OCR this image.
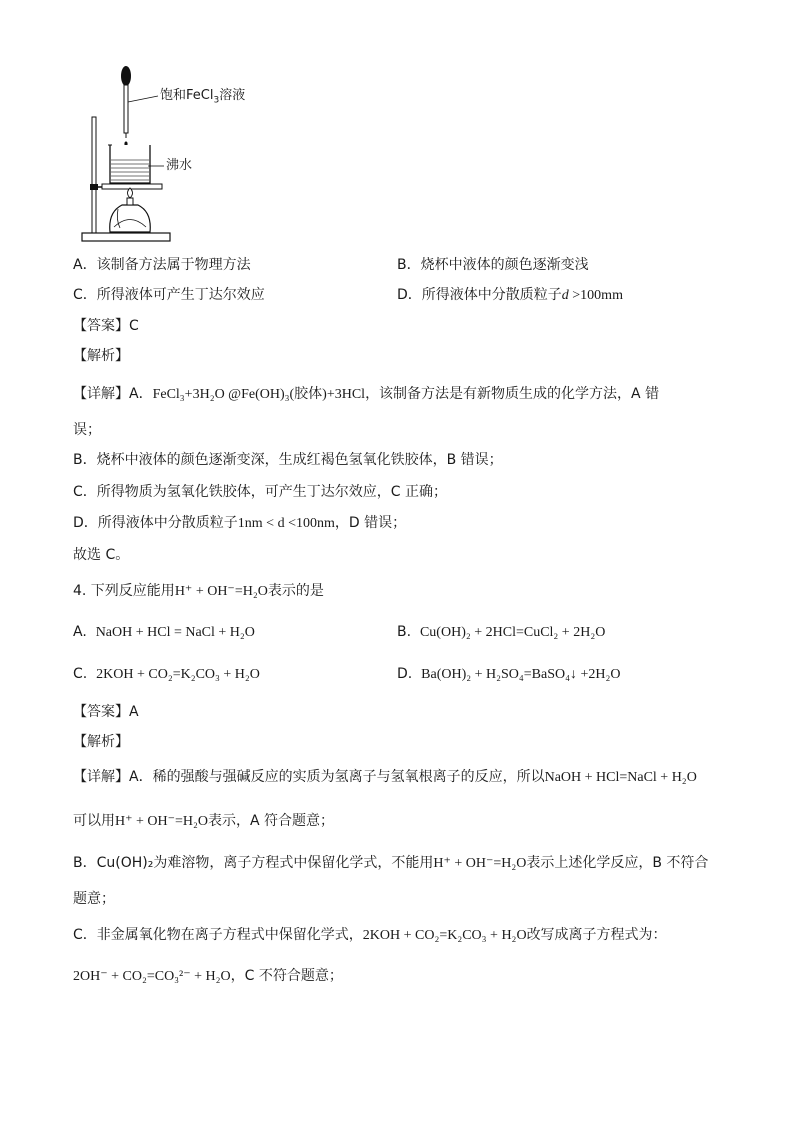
饱和FeCl$_3$溶液
沸水
A．该制备方法属于物理方法	B．烧杯中液体的颜色逐渐变浅
C．所得液体可产生丁达尔效应	D．所得液体中分散质粒子d >100mm
【答案】C
【解析】
【详解】A．FeCl₃+3H₂O @Fe(OH)₃(胶体)+3HCl，该制备方法是有新物质生成的化学方法，A 错
误；
B．烧杯中液体的颜色逐渐变深，生成红褐色氢氧化铁胶体，B 错误；
C．所得物质为氢氧化铁胶体，可产生丁达尔效应，C 正确；
D．所得液体中分散质粒子1nm < d <100nm，D 错误；
故选 C。
4. 下列反应能用H⁺ + OH⁻=H₂O表示的是
A. NaOH + HCl = NaCl + H₂O	B. Cu(OH)₂ + 2HCl=CuCl₂ + 2H₂O
C. 2KOH + CO₂=K₂CO₃ + H₂O	D. Ba(OH)₂ + H₂SO₄=BaSO₄↓ +2H₂O
【答案】A
【解析】
【详解】A．稀的强酸与强碱反应的实质为氢离子与氢氧根离子的反应，所以NaOH + HCl=NaCl + H₂O
可以用H⁺ + OH⁻=H₂O表示，A 符合题意；
B．Cu(OH)₂为难溶物，离子方程式中保留化学式，不能用H⁺ + OH⁻=H₂O表示上述化学反应，B 不符合
题意；
C．非金属氧化物在离子方程式中保留化学式，2KOH + CO₂=K₂CO₃ + H₂O改写成离子方程式为：
2OH⁻ + CO₂=CO₃²⁻ + H₂O，C 不符合题意；
